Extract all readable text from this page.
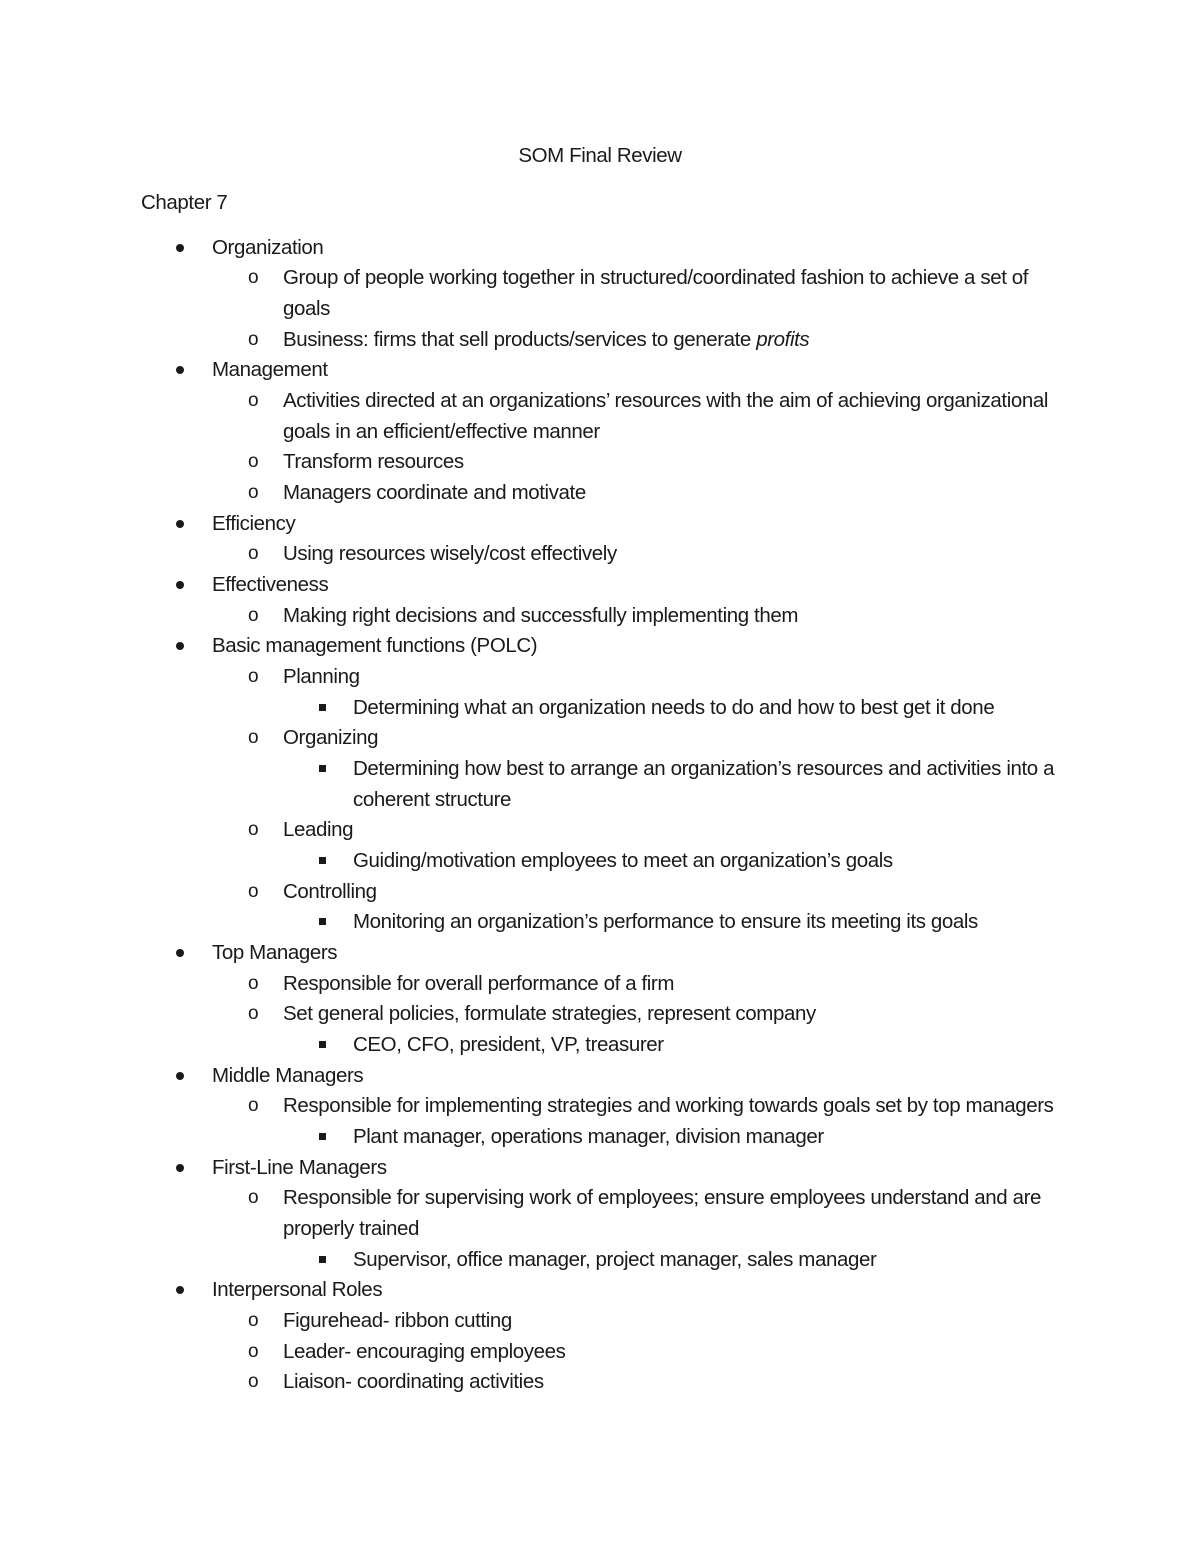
SOM Final Review
Chapter 7
Organization
o Group of people working together in structured/coordinated fashion to achieve a set of
goals
o Business: firms that sell products/services to generate profits
Management
o Activities directed at an organizations’ resources with the aim of achieving organizational
goals in an efficient/effective manner
o Transform resources
o Managers coordinate and motivate
Efficiency
o Using resources wisely/cost effectively
Effectiveness
o Making right decisions and successfully implementing them
Basic management functions (POLC)
o Planning
Determining what an organization needs to do and how to best get it done
o Organizing
Determining how best to arrange an organization’s resources and activities into a
coherent structure
o Leading
Guiding/motivation employees to meet an organization’s goals
o Controlling
Monitoring an organization’s performance to ensure its meeting its goals
Top Managers
o Responsible for overall performance of a firm
o Set general policies, formulate strategies, represent company
CEO, CFO, president, VP, treasurer
Middle Managers
o Responsible for implementing strategies and working towards goals set by top managers
Plant manager, operations manager, division manager
First-Line Managers
o Responsible for supervising work of employees; ensure employees understand and are
properly trained
Supervisor, office manager, project manager, sales manager
Interpersonal Roles
o Figurehead- ribbon cutting
o Leader- encouraging employees
o Liaison- coordinating activities
